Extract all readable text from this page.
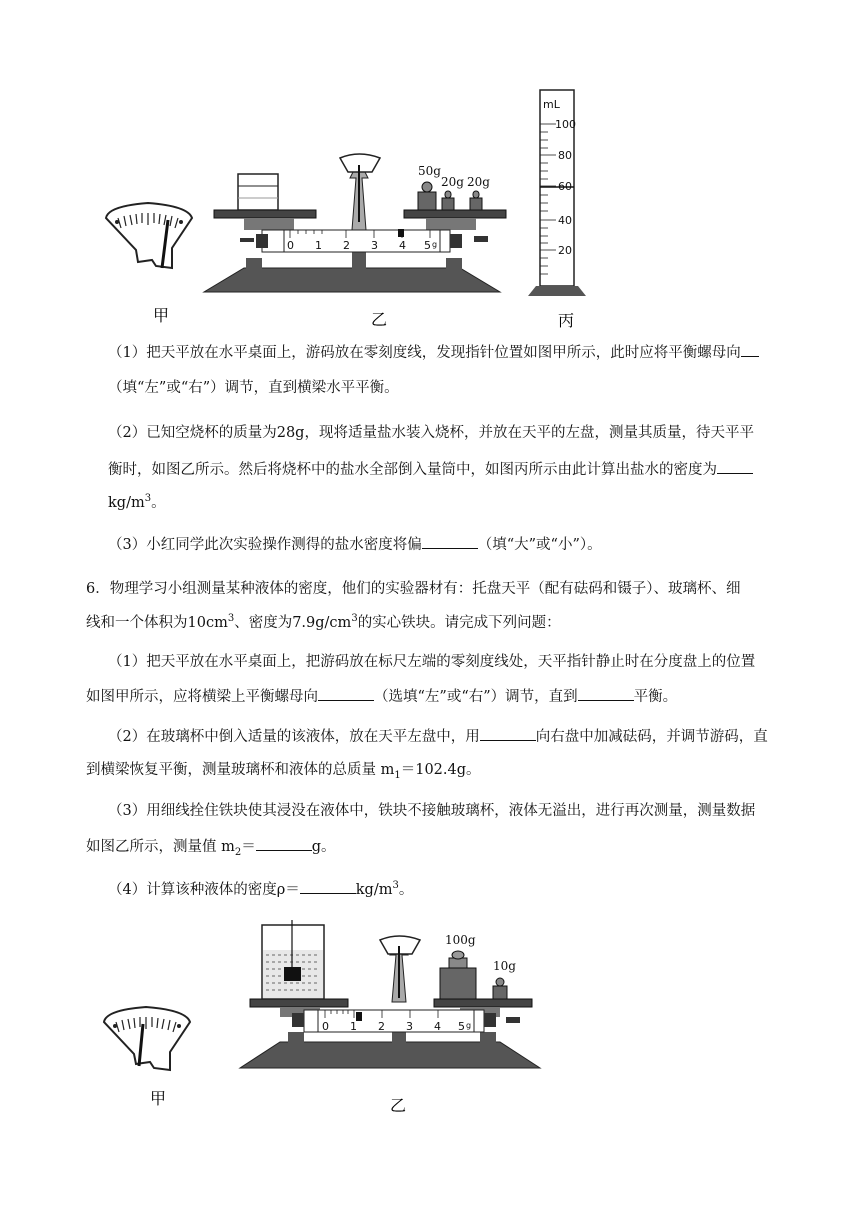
0 1 2 3 4 5 g
50g
20g 20g
mL
100
80
60
40
20
甲	乙	丙
（1）把天平放在水平桌面上，游码放在零刻度线，发现指针位置如图甲所示，此时应将平衡螺母向
（填“左”或“右”）调节，直到横梁水平平衡。
（2）已知空烧杯的质量为28g，现将适量盐水装入烧杯，并放在天平的左盘，测量其质量，待天平平
衡时，如图乙所示。然后将烧杯中的盐水全部倒入量筒中，如图丙所示由此计算出盐水的密度为
$kg/m^3$。
（3）小红同学此次实验操作测得的盐水密度将偏	（填“大”或“小”）。
6．物理学习小组测量某种液体的密度，他们的实验器材有：托盘天平（配有砝码和镊子）、玻璃杯、细
线和一个体积为$10cm^3$、密度为$7.9g/cm^3$的实心铁块。请完成下列问题：
（1）把天平放在水平桌面上，把游码放在标尺左端的零刻度线处，天平指针静止时在分度盘上的位置
如图甲所示，应将横梁上平衡螺母向	（选填“左”或“右”）调节，直到	平衡。
（2）在玻璃杯中倒入适量的该液体，放在天平左盘中，用	向右盘中加减砝码，并调节游码，直
到横梁恢复平衡，测量玻璃杯和液体的总质量 $m_1=102.4g$。
（3）用细线拴住铁块使其浸没在液体中，铁块不接触玻璃杯，液体无溢出，进行再次测量，测量数据
如图乙所示，测量值 $m_2=$	g。
（4）计算该种液体的密度ρ＝	$kg/m^3$。
0 1 2 3 4 5 g
100g
10g
甲	乙
